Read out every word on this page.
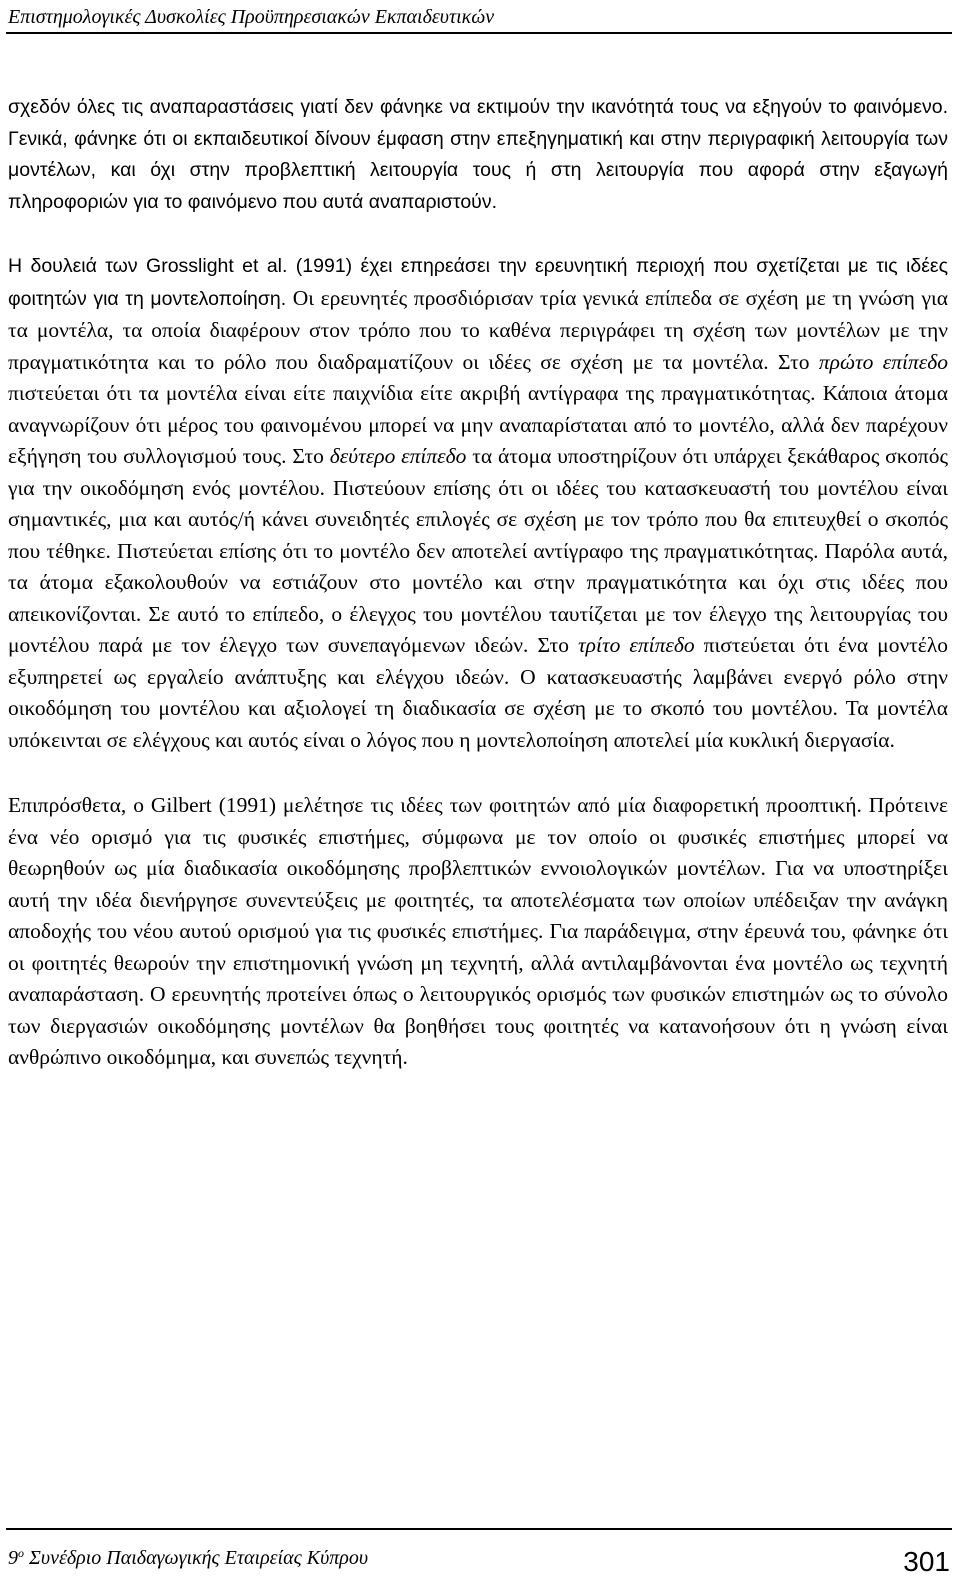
Επιστημολογικές Δυσκολίες Προϋπηρεσιακών Εκπαιδευτικών

σχεδόν όλες τις αναπαραστάσεις γιατί δεν φάνηκε να εκτιμούν την ικανότητά τους να εξηγούν το φαινόμενο. Γενικά, φάνηκε ότι οι εκπαιδευτικοί δίνουν έμφαση στην επεξηγηματική και στην περιγραφική λειτουργία των μοντέλων, και όχι στην προβλεπτική λειτουργία τους ή στη λειτουργία που αφορά στην εξαγωγή πληροφοριών για το φαινόμενο που αυτά αναπαριστούν.

Η δουλειά των Grosslight et al. (1991) έχει επηρεάσει την ερευνητική περιοχή που σχετίζεται με τις ιδέες φοιτητών για τη μοντελοποίηση. Οι ερευνητές προσδιόρισαν τρία γενικά επίπεδα σε σχέση με τη γνώση για τα μοντέλα, τα οποία διαφέρουν στον τρόπο που το καθένα περιγράφει τη σχέση των μοντέλων με την πραγματικότητα και το ρόλο που διαδραματίζουν οι ιδέες σε σχέση με τα μοντέλα. Στο πρώτο επίπεδο πιστεύεται ότι τα μοντέλα είναι είτε παιχνίδια είτε ακριβή αντίγραφα της πραγματικότητας. Κάποια άτομα αναγνωρίζουν ότι μέρος του φαινομένου μπορεί να μην αναπαρίσταται από το μοντέλο, αλλά δεν παρέχουν εξήγηση του συλλογισμού τους. Στο δεύτερο επίπεδο τα άτομα υποστηρίζουν ότι υπάρχει ξεκάθαρος σκοπός για την οικοδόμηση ενός μοντέλου. Πιστεύουν επίσης ότι οι ιδέες του κατασκευαστή του μοντέλου είναι σημαντικές, μια και αυτός/ή κάνει συνειδητές επιλογές σε σχέση με τον τρόπο που θα επιτευχθεί ο σκοπός που τέθηκε. Πιστεύεται επίσης ότι το μοντέλο δεν αποτελεί αντίγραφο της πραγματικότητας. Παρόλα αυτά, τα άτομα εξακολουθούν να εστιάζουν στο μοντέλο και στην πραγματικότητα και όχι στις ιδέες που απεικονίζονται. Σε αυτό το επίπεδο, ο έλεγχος του μοντέλου ταυτίζεται με τον έλεγχο της λειτουργίας του μοντέλου παρά με τον έλεγχο των συνεπαγόμενων ιδεών. Στο τρίτο επίπεδο πιστεύεται ότι ένα μοντέλο εξυπηρετεί ως εργαλείο ανάπτυξης και ελέγχου ιδεών. Ο κατασκευαστής λαμβάνει ενεργό ρόλο στην οικοδόμηση του μοντέλου και αξιολογεί τη διαδικασία σε σχέση με το σκοπό του μοντέλου. Τα μοντέλα υπόκεινται σε ελέγχους και αυτός είναι ο λόγος που η μοντελοποίηση αποτελεί μία κυκλική διεργασία.

Επιπρόσθετα, ο Gilbert (1991) μελέτησε τις ιδέες των φοιτητών από μία διαφορετική προοπτική. Πρότεινε ένα νέο ορισμό για τις φυσικές επιστήμες, σύμφωνα με τον οποίο οι φυσικές επιστήμες μπορεί να θεωρηθούν ως μία διαδικασία οικοδόμησης προβλεπτικών εννοιολογικών μοντέλων. Για να υποστηρίξει αυτή την ιδέα διενήργησε συνεντεύξεις με φοιτητές, τα αποτελέσματα των οποίων υπέδειξαν την ανάγκη αποδοχής του νέου αυτού ορισμού για τις φυσικές επιστήμες. Για παράδειγμα, στην έρευνά του, φάνηκε ότι οι φοιτητές θεωρούν την επιστημονική γνώση μη τεχνητή, αλλά αντιλαμβάνονται ένα μοντέλο ως τεχνητή αναπαράσταση. Ο ερευνητής προτείνει όπως ο λειτουργικός ορισμός των φυσικών επιστημών ως το σύνολο των διεργασιών οικοδόμησης μοντέλων θα βοηθήσει τους φοιτητές να κατανοήσουν ότι η γνώση είναι ανθρώπινο οικοδόμημα, και συνεπώς τεχνητή.

$9^o$ Συνέδριο Παιδαγωγικής Εταιρείας Κύπρου	301
